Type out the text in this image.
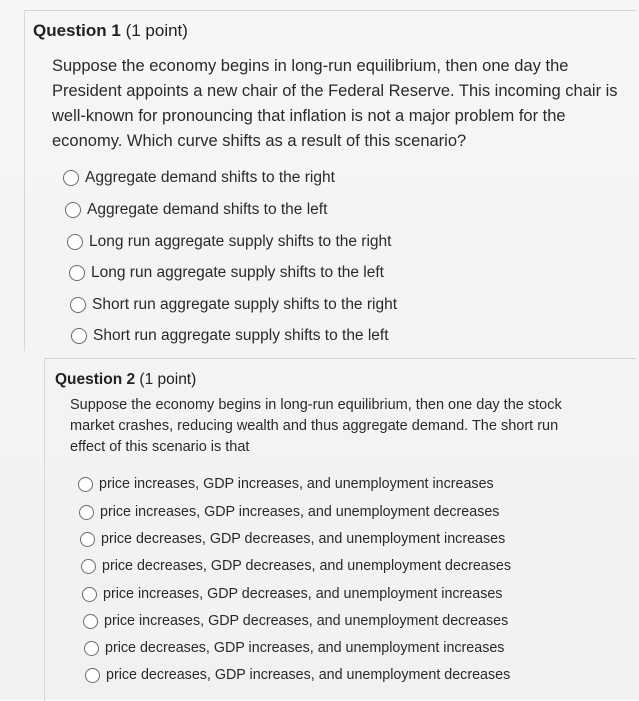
Question 1 (1 point)
Suppose the economy begins in long-run equilibrium, then one day the President appoints a new chair of the Federal Reserve. This incoming chair is well-known for pronouncing that inflation is not a major problem for the economy. Which curve shifts as a result of this scenario?
Aggregate demand shifts to the right
Aggregate demand shifts to the left
Long run aggregate supply shifts to the right
Long run aggregate supply shifts to the left
Short run aggregate supply shifts to the right
Short run aggregate supply shifts to the left
Question 2 (1 point)
Suppose the economy begins in long-run equilibrium, then one day the stock market crashes, reducing wealth and thus aggregate demand. The short run effect of this scenario is that
price increases, GDP increases, and unemployment increases
price increases, GDP increases, and unemployment decreases
price decreases, GDP decreases, and unemployment increases
price decreases, GDP decreases, and unemployment decreases
price increases, GDP decreases, and unemployment increases
price increases, GDP decreases, and unemployment decreases
price decreases, GDP increases, and unemployment increases
price decreases, GDP increases, and unemployment decreases
